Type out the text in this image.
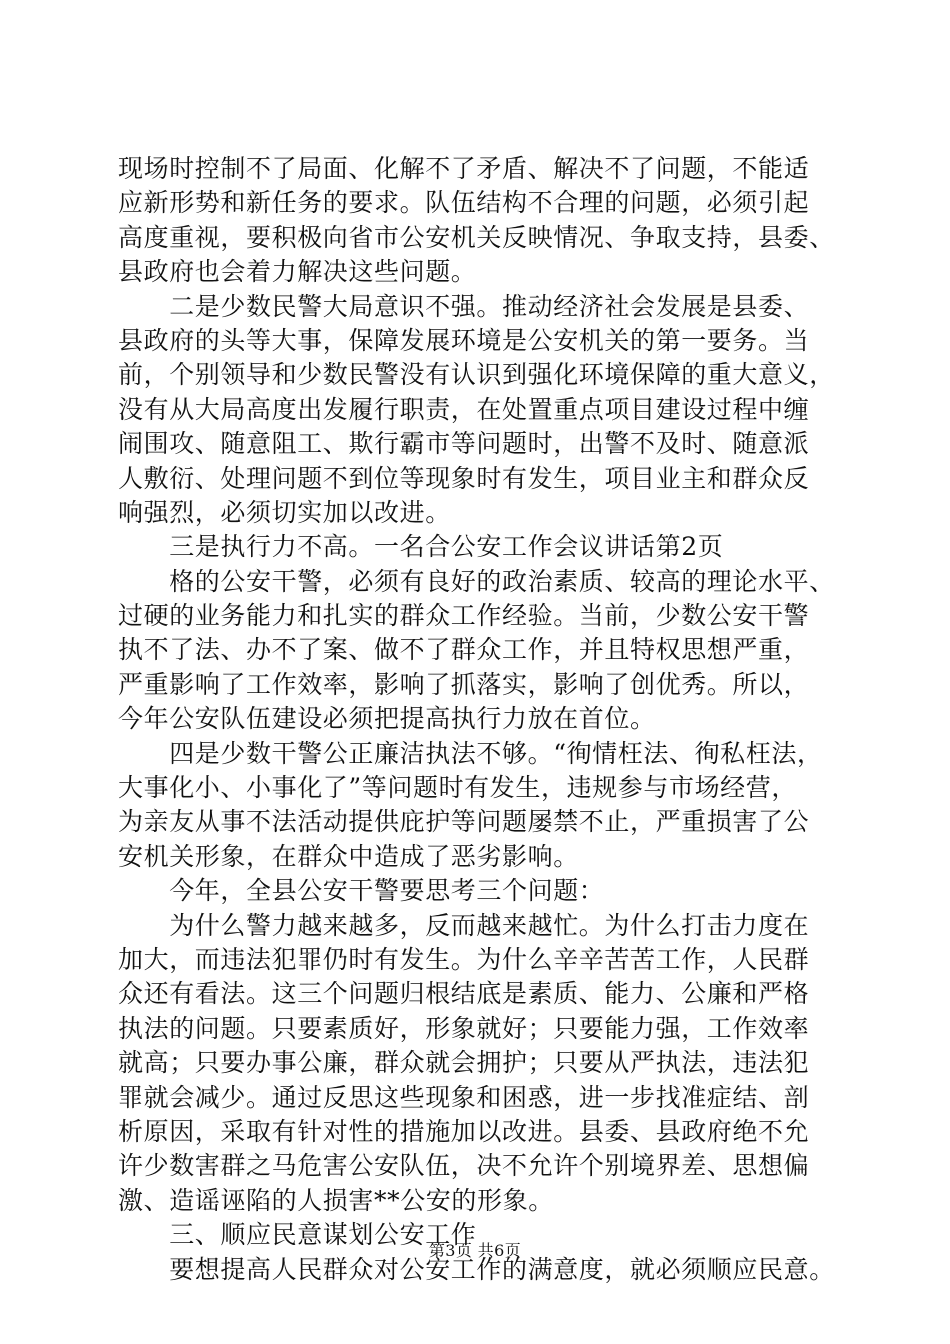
现场时控制不了局面、化解不了矛盾、解决不了问题，不能适
应新形势和新任务的要求。队伍结构不合理的问题，必须引起
高度重视，要积极向省市公安机关反映情况、争取支持，县委、
县政府也会着力解决这些问题。
　　二是少数民警大局意识不强。推动经济社会发展是县委、
县政府的头等大事，保障发展环境是公安机关的第一要务。当
前，个别领导和少数民警没有认识到强化环境保障的重大意义，
没有从大局高度出发履行职责，在处置重点项目建设过程中缠
闹围攻、随意阻工、欺行霸市等问题时，出警不及时、随意派
人敷衍、处理问题不到位等现象时有发生，项目业主和群众反
响强烈，必须切实加以改进。
　　三是执行力不高。一名合公安工作会议讲话第2页
　　格的公安干警，必须有良好的政治素质、较高的理论水平、
过硬的业务能力和扎实的群众工作经验。当前，少数公安干警
执不了法、办不了案、做不了群众工作，并且特权思想严重，
严重影响了工作效率，影响了抓落实，影响了创优秀。所以，
今年公安队伍建设必须把提高执行力放在首位。
　　四是少数干警公正廉洁执法不够。“徇情枉法、徇私枉法，
大事化小、小事化了”等问题时有发生，违规参与市场经营，
为亲友从事不法活动提供庇护等问题屡禁不止，严重损害了公
安机关形象，在群众中造成了恶劣影响。
　　今年，全县公安干警要思考三个问题：
　　为什么警力越来越多，反而越来越忙。为什么打击力度在
加大，而违法犯罪仍时有发生。为什么辛辛苦苦工作，人民群
众还有看法。这三个问题归根结底是素质、能力、公廉和严格
执法的问题。只要素质好，形象就好；只要能力强，工作效率
就高；只要办事公廉，群众就会拥护；只要从严执法，违法犯
罪就会减少。通过反思这些现象和困惑，进一步找准症结、剖
析原因，采取有针对性的措施加以改进。县委、县政府绝不允
许少数害群之马危害公安队伍，决不允许个别境界差、思想偏
激、造谣诬陷的人损害**公安的形象。
　　三、顺应民意谋划公安工作
　　要想提高人民群众对公安工作的满意度，就必须顺应民意。
第3页 共6页
